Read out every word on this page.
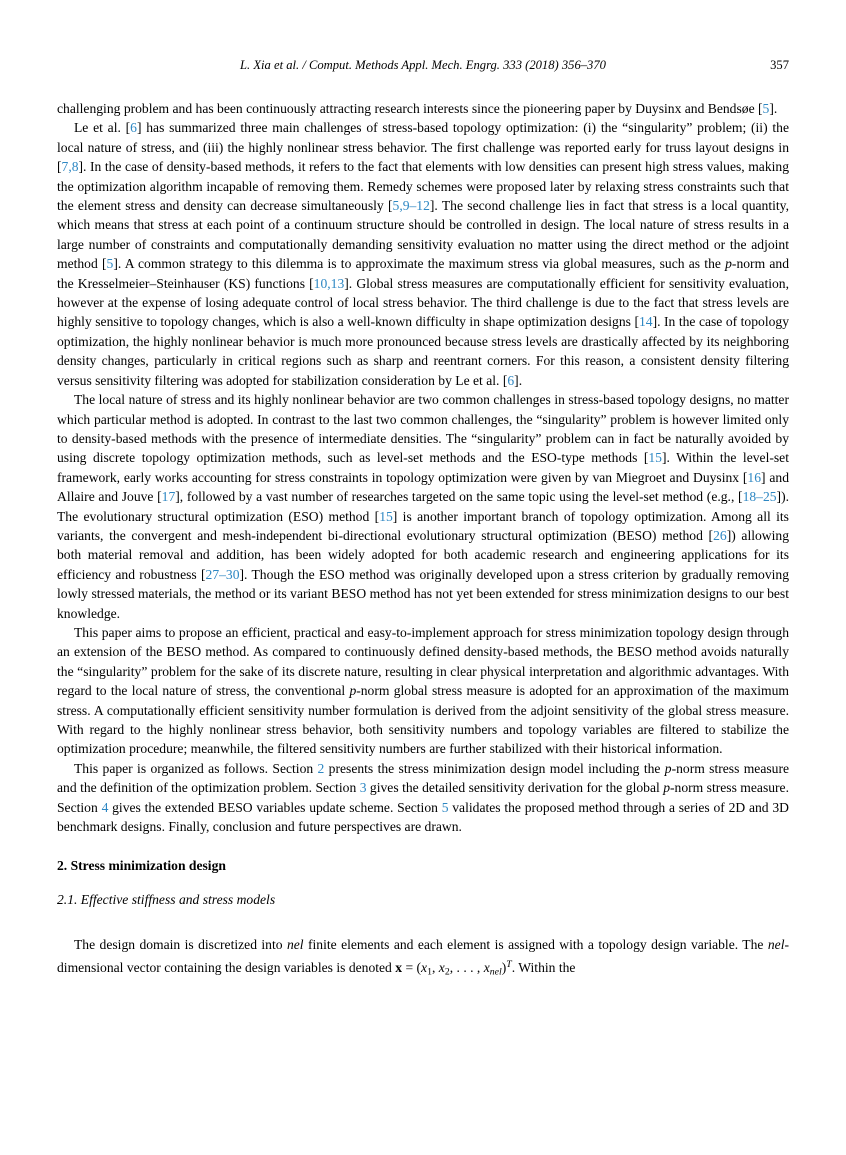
L. Xia et al. / Comput. Methods Appl. Mech. Engrg. 333 (2018) 356–370	357

challenging problem and has been continuously attracting research interests since the pioneering paper by Duysinx and Bendsøe [5].

Le et al. [6] has summarized three main challenges of stress-based topology optimization: (i) the “singularity” problem; (ii) the local nature of stress, and (iii) the highly nonlinear stress behavior. The first challenge was reported early for truss layout designs in [7,8]. In the case of density-based methods, it refers to the fact that elements with low densities can present high stress values, making the optimization algorithm incapable of removing them. Remedy schemes were proposed later by relaxing stress constraints such that the element stress and density can decrease simultaneously [5,9–12]. The second challenge lies in fact that stress is a local quantity, which means that stress at each point of a continuum structure should be controlled in design. The local nature of stress results in a large number of constraints and computationally demanding sensitivity evaluation no matter using the direct method or the adjoint method [5]. A common strategy to this dilemma is to approximate the maximum stress via global measures, such as the p-norm and the Kresselmeier–Steinhauser (KS) functions [10,13]. Global stress measures are computationally efficient for sensitivity evaluation, however at the expense of losing adequate control of local stress behavior. The third challenge is due to the fact that stress levels are highly sensitive to topology changes, which is also a well-known difficulty in shape optimization designs [14]. In the case of topology optimization, the highly nonlinear behavior is much more pronounced because stress levels are drastically affected by its neighboring density changes, particularly in critical regions such as sharp and reentrant corners. For this reason, a consistent density filtering versus sensitivity filtering was adopted for stabilization consideration by Le et al. [6].

The local nature of stress and its highly nonlinear behavior are two common challenges in stress-based topology designs, no matter which particular method is adopted. In contrast to the last two common challenges, the “singularity” problem is however limited only to density-based methods with the presence of intermediate densities. The “singularity” problem can in fact be naturally avoided by using discrete topology optimization methods, such as level-set methods and the ESO-type methods [15]. Within the level-set framework, early works accounting for stress constraints in topology optimization were given by van Miegroet and Duysinx [16] and Allaire and Jouve [17], followed by a vast number of researches targeted on the same topic using the level-set method (e.g., [18–25]). The evolutionary structural optimization (ESO) method [15] is another important branch of topology optimization. Among all its variants, the convergent and mesh-independent bi-directional evolutionary structural optimization (BESO) method [26]) allowing both material removal and addition, has been widely adopted for both academic research and engineering applications for its efficiency and robustness [27–30]. Though the ESO method was originally developed upon a stress criterion by gradually removing lowly stressed materials, the method or its variant BESO method has not yet been extended for stress minimization designs to our best knowledge.

This paper aims to propose an efficient, practical and easy-to-implement approach for stress minimization topology design through an extension of the BESO method. As compared to continuously defined density-based methods, the BESO method avoids naturally the “singularity” problem for the sake of its discrete nature, resulting in clear physical interpretation and algorithmic advantages. With regard to the local nature of stress, the conventional p-norm global stress measure is adopted for an approximation of the maximum stress. A computationally efficient sensitivity number formulation is derived from the adjoint sensitivity of the global stress measure. With regard to the highly nonlinear stress behavior, both sensitivity numbers and topology variables are filtered to stabilize the optimization procedure; meanwhile, the filtered sensitivity numbers are further stabilized with their historical information.

This paper is organized as follows. Section 2 presents the stress minimization design model including the p-norm stress measure and the definition of the optimization problem. Section 3 gives the detailed sensitivity derivation for the global p-norm stress measure. Section 4 gives the extended BESO variables update scheme. Section 5 validates the proposed method through a series of 2D and 3D benchmark designs. Finally, conclusion and future perspectives are drawn.

2. Stress minimization design
2.1. Effective stiffness and stress models

The design domain is discretized into nel finite elements and each element is assigned with a topology design variable. The nel-dimensional vector containing the design variables is denoted x = (x1, x2, . . . , xnel)$^T$. Within the
